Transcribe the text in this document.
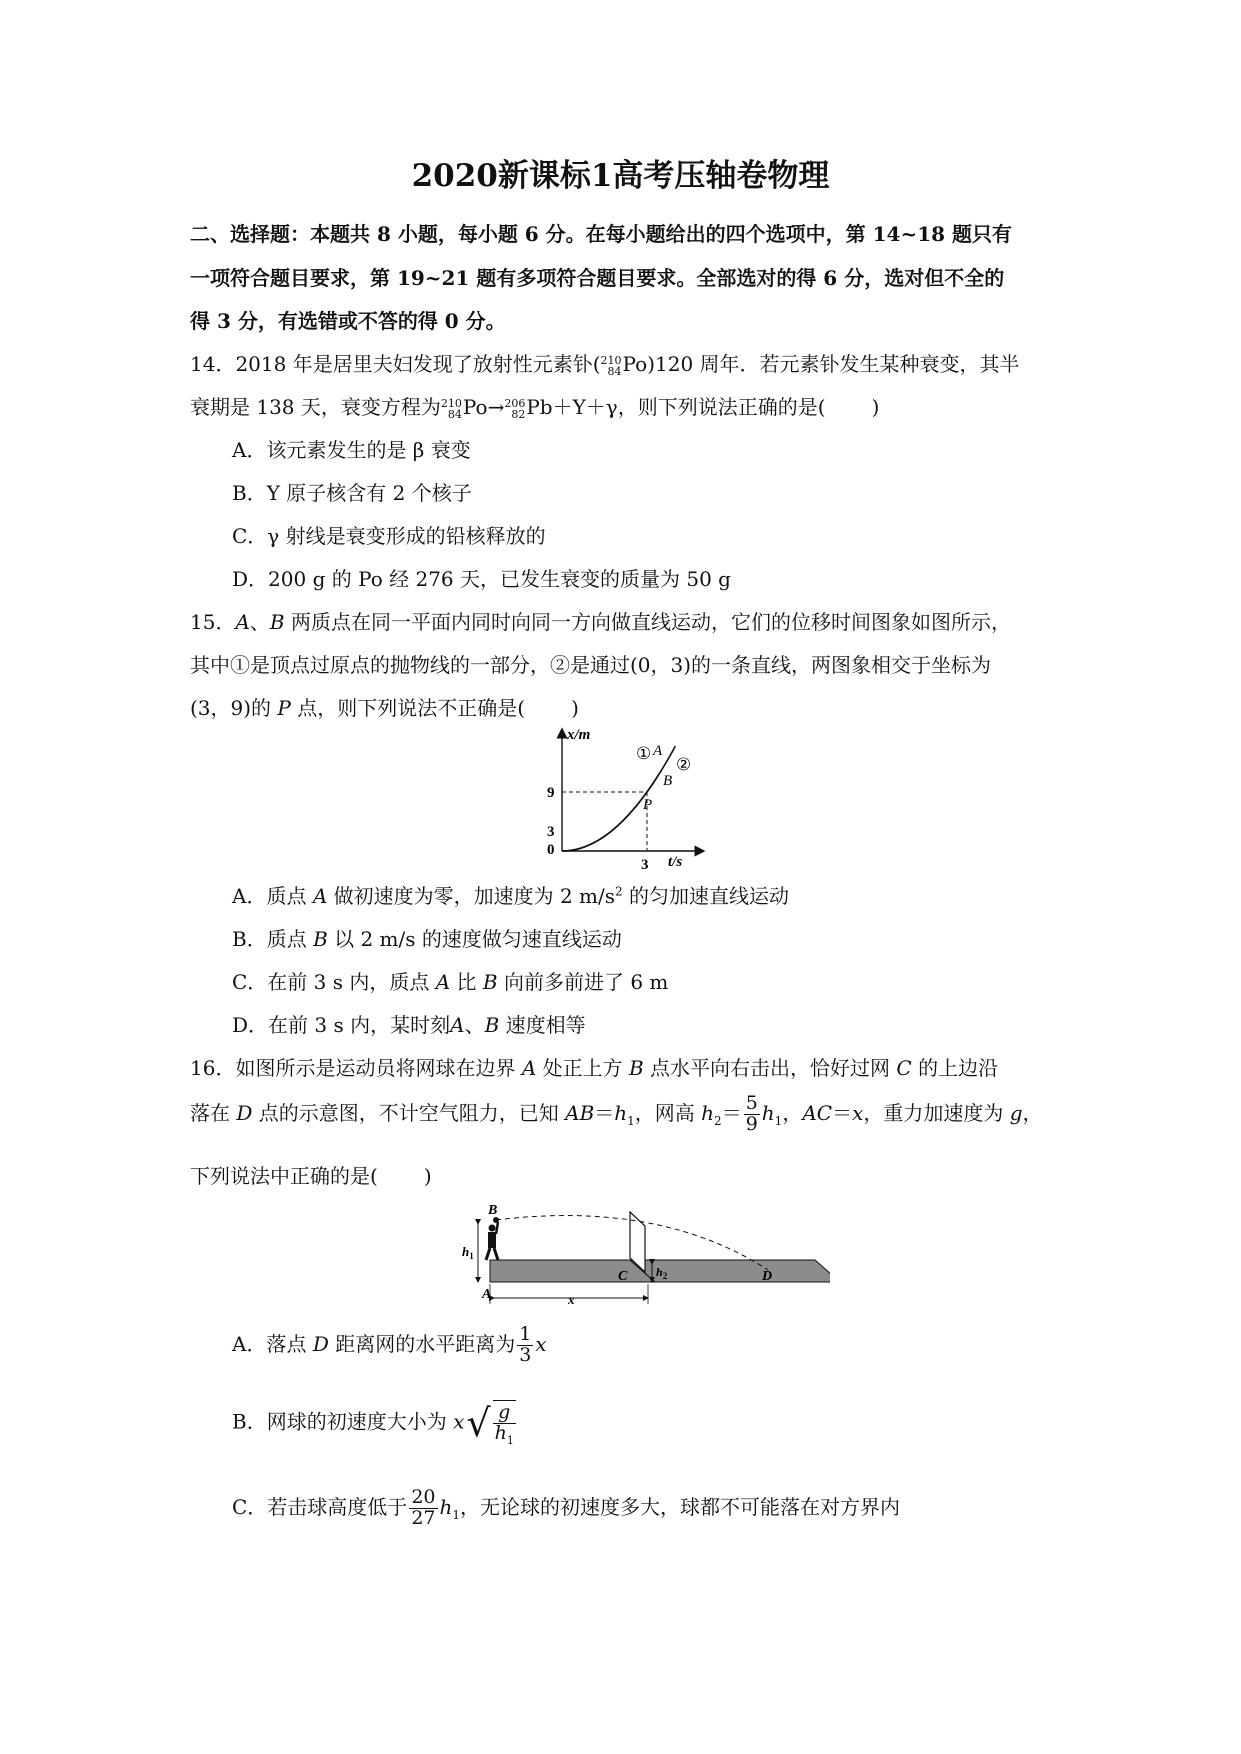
2020新课标1高考压轴卷物理
二、选择题：本题共 8 小题，每小题 6 分。在每小题给出的四个选项中，第 14~18 题只有
一项符合题目要求，第 19~21 题有多项符合题目要求。全部选对的得 6 分，选对但不全的
得 3 分，有选错或不答的得 0 分。
14．2018 年是居里夫妇发现了放射性元素钋( 210
84 Po)120 周年．若元素钋发生某种衰变，其半
衰期是 138 天，衰变方程为 210
84 Po→ 206
82 Pb＋Y＋γ，则下列说法正确的是( )
A．该元素发生的是 β 衰变
B．Y 原子核含有 2 个核子
C．γ 射线是衰变形成的铅核释放的
D．200 g 的 Po 经 276 天，已发生衰变的质量为 50 g
15．A、B 两质点在同一平面内同时向同一方向做直线运动，它们的位移时间图象如图所示，
其中①是顶点过原点的抛物线的一部分，②是通过(0，3)的一条直线，两图象相交于坐标为
(3，9)的 P 点，则下列说法不正确是( )
x/m
t/s
9
3
0
3
① A
②
B
P
A．质点 A 做初速度为零，加速度为 2 $m/s^2$ 的匀加速直线运动
B．质点 B 以 2 m/s 的速度做匀速直线运动
C．在前 3 s 内，质点 A 比 B 向前多前进了 6 m
D．在前 3 s 内，某时刻A、B 速度相等
16．如图所示是运动员将网球在边界 A 处正上方 B 点水平向右击出，恰好过网 C 的上边沿
落在 D 点的示意图，不计空气阻力，已知 $AB=h_1$，网高 $h_2= \frac{5}{9} h_1$，AC＝x，重力加速度为 g，
下列说法中正确的是( )
B
A
C	D
$h_1$
$h_2$
x
A．落点 D 距离网的水平距离为 $\frac{1}{3}$ x
B．网球的初速度大小为 $x√ \frac{g}{h_1}$
C．若击球高度低于 $\frac{20}{27} h_1$，无论球的初速度多大，球都不可能落在对方界内
